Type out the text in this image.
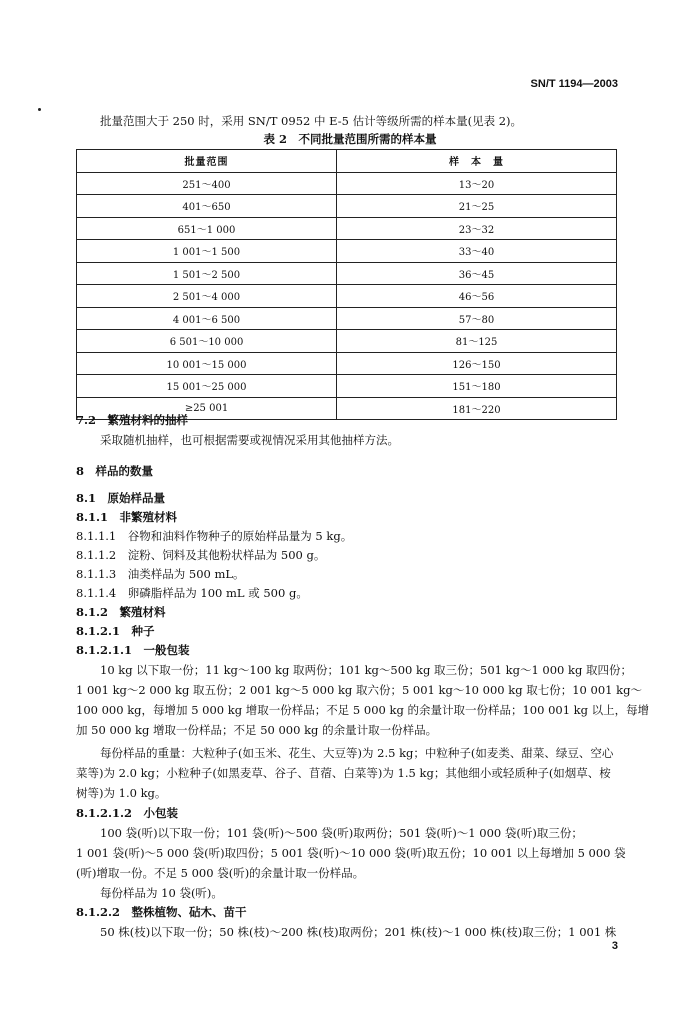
SN/T 1194—2003
批量范围大于 250 时，采用 SN/T 0952 中 E-5 估计等级所需的样本量(见表 2)。
表 2　不同批量范围所需的样本量
批量范围	样　本　量
251～400	13～20
401～650	21～25
651～1 000	23～32
1 001～1 500	33～40
1 501～2 500	36～45
2 501～4 000	46～56
4 001～6 500	57～80
6 501～10 000	81～125
10 001～15 000	126～150
15 001～25 000	151～180
≥25 001	181～220
7.2　繁殖材料的抽样
采取随机抽样，也可根据需要或视情况采用其他抽样方法。
8　样品的数量
8.1　原始样品量
8.1.1　非繁殖材料
8.1.1.1　谷物和油料作物种子的原始样品量为 5 kg。
8.1.1.2　淀粉、饲料及其他粉状样品为 500 g。
8.1.1.3　油类样品为 500 mL。
8.1.1.4　卵磷脂样品为 100 mL 或 500 g。
8.1.2　繁殖材料
8.1.2.1　种子
8.1.2.1.1　一般包装
10 kg 以下取一份；11 kg～100 kg 取两份；101 kg～500 kg 取三份；501 kg～1 000 kg 取四份；
1 001 kg～2 000 kg 取五份；2 001 kg～5 000 kg 取六份；5 001 kg～10 000 kg 取七份；10 001 kg～
100 000 kg，每增加 5 000 kg 增取一份样品；不足 5 000 kg 的余量计取一份样品；100 001 kg 以上，每增
加 50 000 kg 增取一份样品；不足 50 000 kg 的余量计取一份样品。
每份样品的重量：大粒种子(如玉米、花生、大豆等)为 2.5 kg；中粒种子(如麦类、甜菜、绿豆、空心
菜等)为 2.0 kg；小粒种子(如黑麦草、谷子、苜蓿、白菜等)为 1.5 kg；其他细小或轻质种子(如烟草、桉
树等)为 1.0 kg。
8.1.2.1.2　小包装
100 袋(听)以下取一份；101 袋(听)～500 袋(听)取两份；501 袋(听)～1 000 袋(听)取三份；
1 001 袋(听)～5 000 袋(听)取四份；5 001 袋(听)～10 000 袋(听)取五份；10 001 以上每增加 5 000 袋
(听)增取一份。不足 5 000 袋(听)的余量计取一份样品。
每份样品为 10 袋(听)。
8.1.2.2　整株植物、砧木、苗干
50 株(枝)以下取一份；50 株(枝)～200 株(枝)取两份；201 株(枝)～1 000 株(枝)取三份；1 001 株
3
